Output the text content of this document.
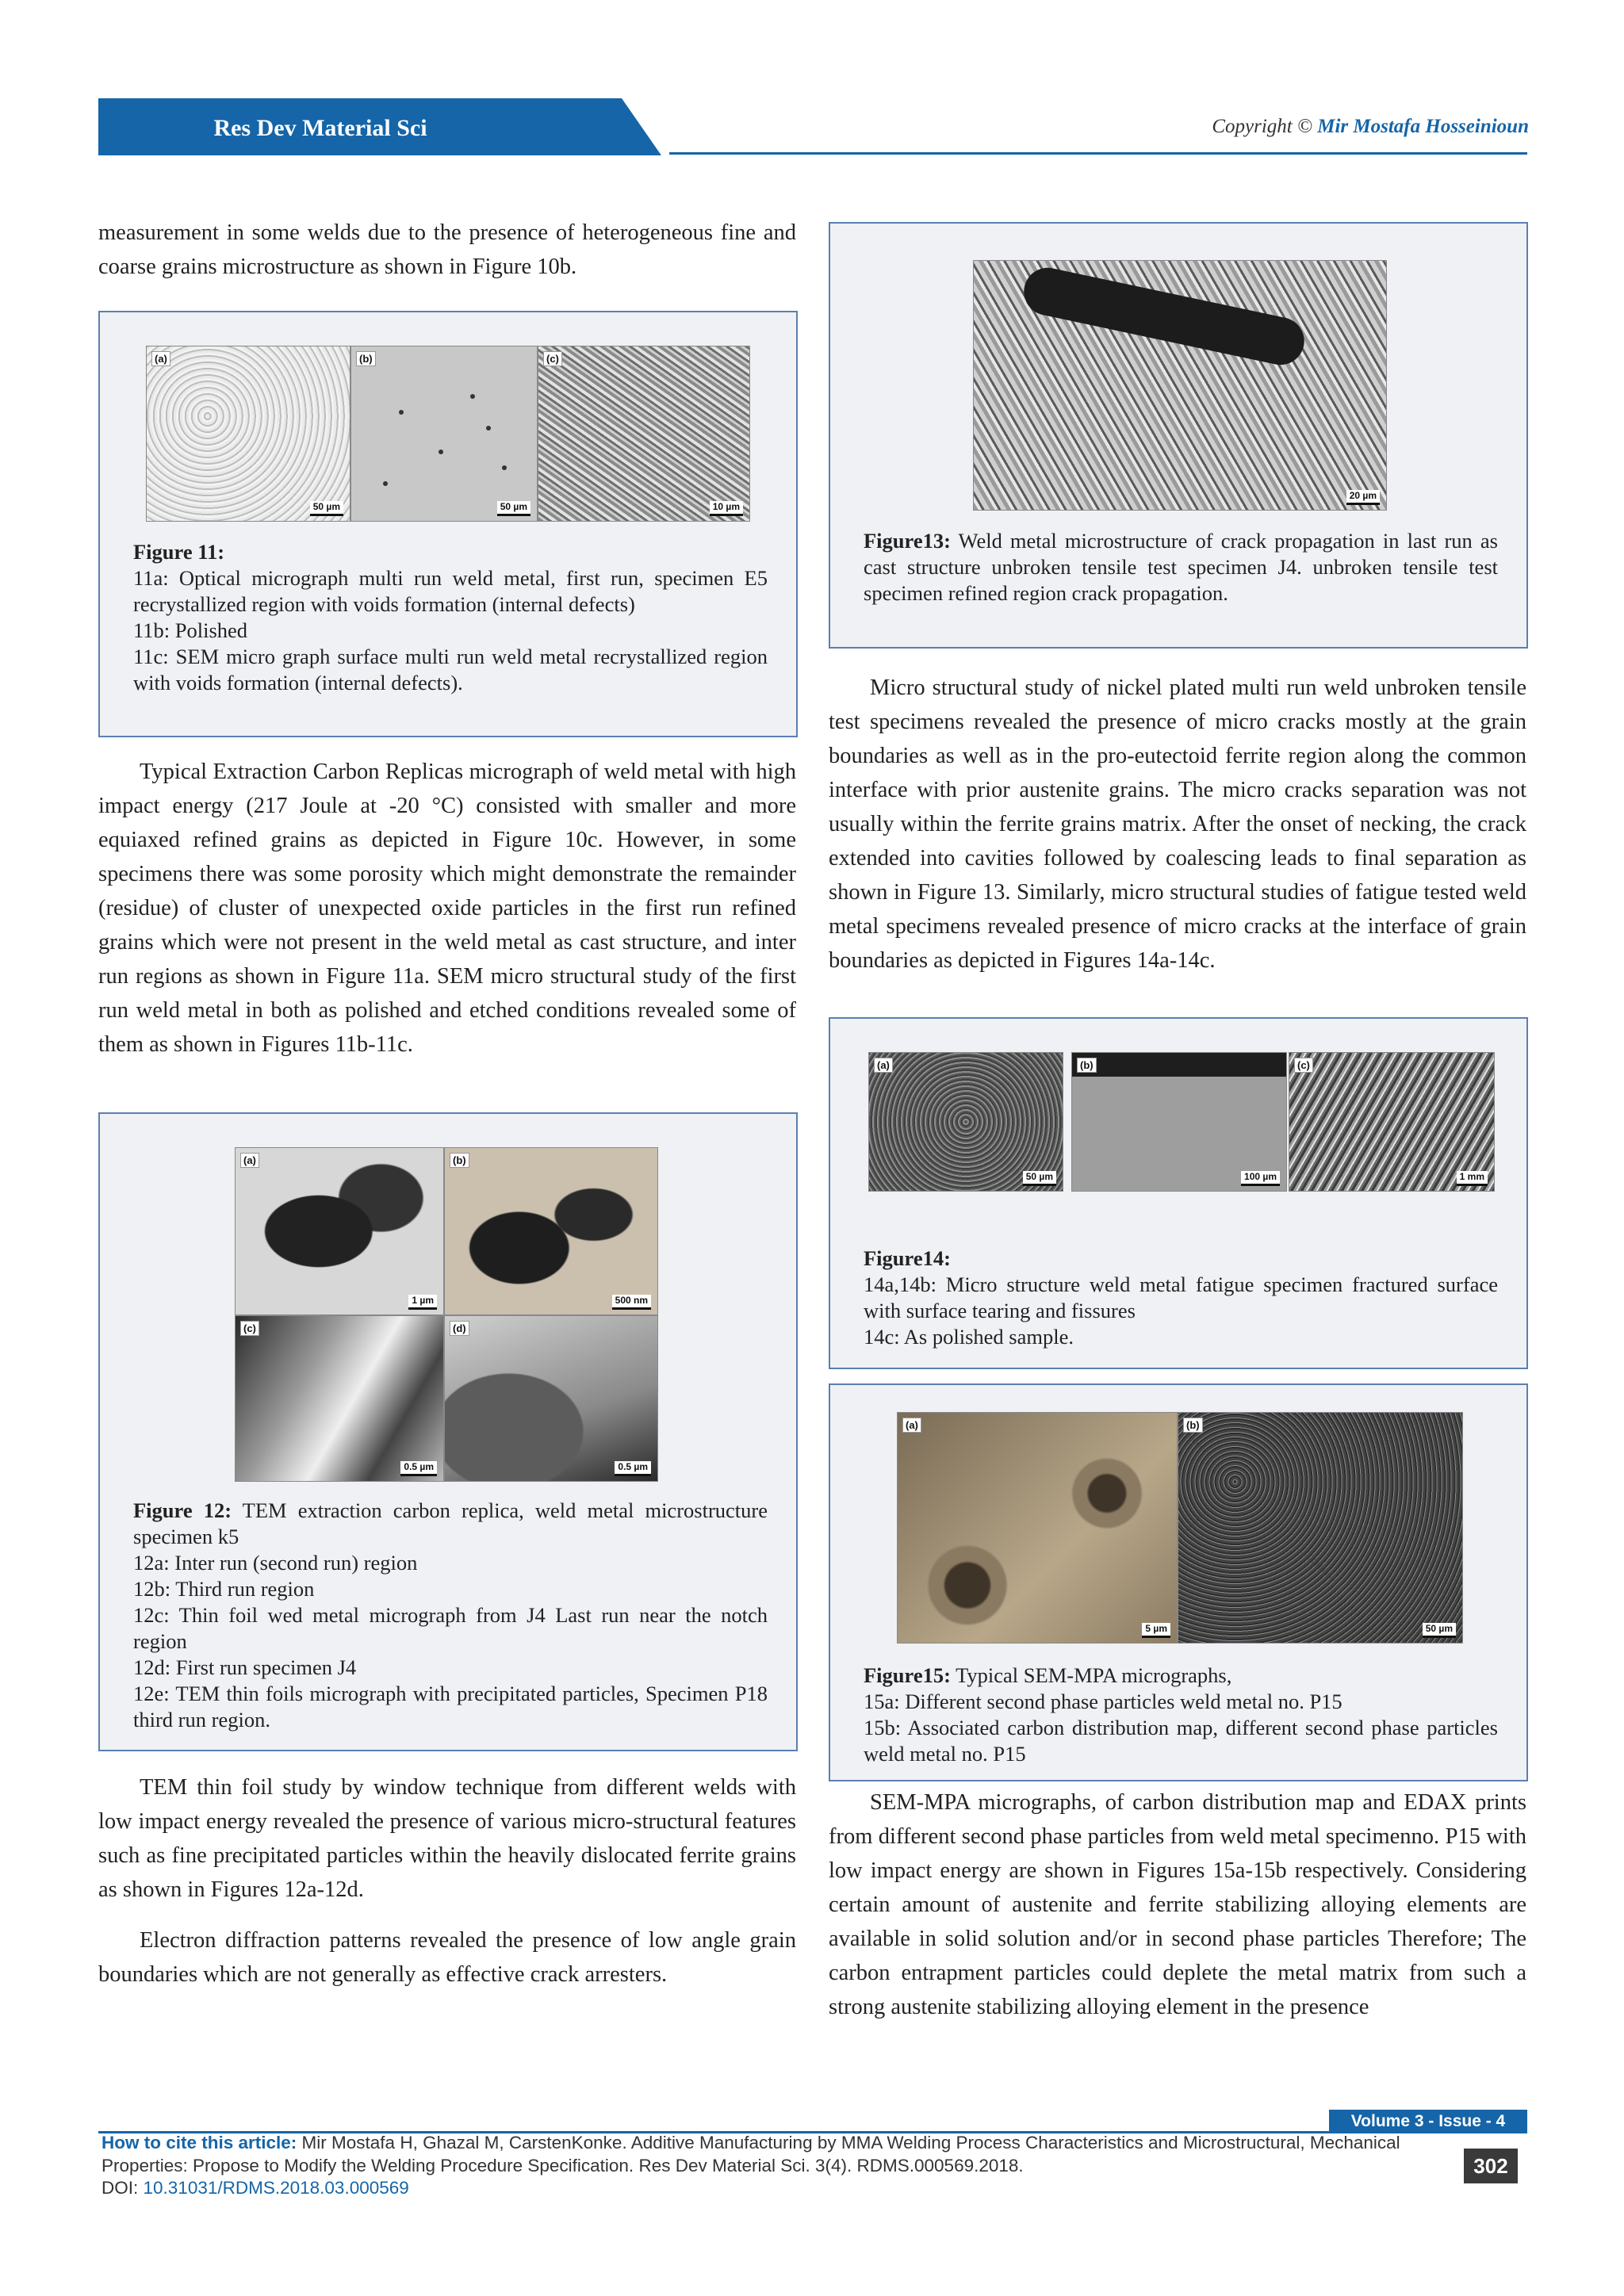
Res Dev Material Sci	Copyright © Mir Mostafa Hosseinioun

measurement in some welds due to the presence of heterogeneous fine and coarse grains microstructure as shown in Figure 10b.

(a)
50 µm
(b)
50 µm
(c)
10 µm
Figure 11:
11a: Optical micrograph multi run weld metal, first run, specimen E5 recrystallized region with voids formation (internal defects)
11b: Polished
11c: SEM micro graph surface multi run weld metal recrystallized region with voids formation (internal defects).

Typical Extraction Carbon Replicas micrograph of weld metal with high impact energy (217 Joule at -20 °C) consisted with smaller and more equiaxed refined grains as depicted in Figure 10c. However, in some specimens there was some porosity which might demonstrate the remainder (residue) of cluster of unexpected oxide particles in the first run refined grains which were not present in the weld metal as cast structure, and inter run regions as shown in Figure 11a. SEM micro structural study of the first run weld metal in both as polished and etched conditions revealed some of them as shown in Figures 11b-11c.

(a)
1 µm
(b)
500 nm
(c)
0.5 µm
(d)
0.5 µm
Figure 12: TEM extraction carbon replica, weld metal microstructure specimen k5
12a: Inter run (second run) region
12b: Third run region
12c: Thin foil wed metal micrograph from J4 Last run near the notch region
12d: First run specimen J4
12e: TEM thin foils micrograph with precipitated particles, Specimen P18 third run region.

TEM thin foil study by window technique from different welds with low impact energy revealed the presence of various micro-structural features such as fine precipitated particles within the heavily dislocated ferrite grains as shown in Figures 12a-12d.

Electron diffraction patterns revealed the presence of low angle grain boundaries which are not generally as effective crack arresters.

20 µm
Figure13: Weld metal microstructure of crack propagation in last run as cast structure unbroken tensile test specimen J4. unbroken tensile test specimen refined region crack propagation.

Micro structural study of nickel plated multi run weld unbroken tensile test specimens revealed the presence of micro cracks mostly at the grain boundaries as well as in the pro-eutectoid ferrite region along the common interface with prior austenite grains. The micro cracks separation was not usually within the ferrite grains matrix. After the onset of necking, the crack extended into cavities followed by coalescing leads to final separation as shown in Figure 13. Similarly, micro structural studies of fatigue tested weld metal specimens revealed presence of micro cracks at the interface of grain boundaries as depicted in Figures 14a-14c.

(a)
50 µm
(b)
100 µm
(c)
1 mm
Figure14:
14a,14b: Micro structure weld metal fatigue specimen fractured surface with surface tearing and fissures
14c: As polished sample.
(a)
5 µm
(b)
50 µm
Figure15: Typical SEM-MPA micrographs,
15a: Different second phase particles weld metal no. P15
15b: Associated carbon distribution map, different second phase particles weld metal no. P15

SEM-MPA micrographs, of carbon distribution map and EDAX prints from different second phase particles from weld metal specimenno. P15 with low impact energy are shown in Figures 15a-15b respectively. Considering certain amount of austenite and ferrite stabilizing alloying elements are available in solid solution and/or in second phase particles Therefore; The carbon entrapment particles could deplete the metal matrix from such a strong austenite stabilizing alloying element in the presence

Volume 3 - Issue - 4

How to cite this article: Mir Mostafa H, Ghazal M, CarstenKonke. Additive Manufacturing by MMA Welding Process Characteristics and Microstructural, Mechanical Properties: Propose to Modify the Welding Procedure Specification. Res Dev Material Sci. 3(4). RDMS.000569.2018.
DOI: 10.31031/RDMS.2018.03.000569

302
